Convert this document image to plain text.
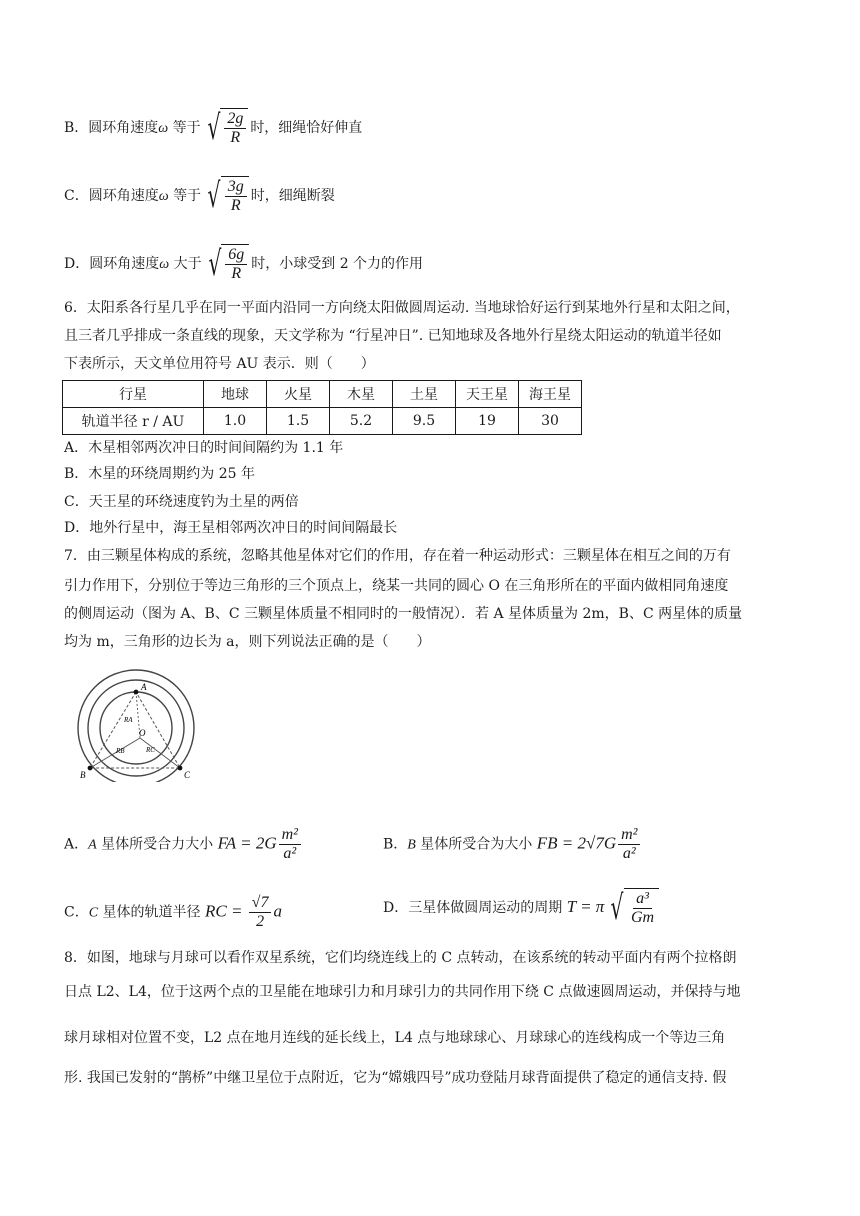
B．圆环角速度ω 等于 √ $\frac{2g}{R}$ 时，细绳恰好伸直
C．圆环角速度ω 等于 √ $\frac{3g}{R}$ 时，细绳断裂
D．圆环角速度ω 大于 √ $\frac{6g}{R}$ 时，小球受到 2 个力的作用
6．太阳系各行星几乎在同一平面内沿同一方向绕太阳做圆周运动. 当地球恰好运行到某地外行星和太阳之间，
且三者几乎排成一条直线的现象，天文学称为 “行星冲日”. 已知地球及各地外行星绕太阳运动的轨道半径如
下表所示，天文单位用符号 AU 表示．则（　　）
行星	地球	火星	木星	土星	天王星	海王星
轨道半径 r / AU	1.0	1.5	5.2	9.5	19	30
A．木星相邻两次冲日的时间间隔约为 1.1 年
B．木星的环绕周期约为 25 年
C．天王星的环绕速度钓为土星的两倍
D．地外行星中，海王星相邻两次冲日的时间间隔最长
7．由三颗星体构成的系统，忽略其他星体对它们的作用，存在着一种运动形式：三颗星体在相互之间的万有
引力作用下，分别位于等边三角形的三个顶点上，绕某一共同的圆心 O 在三角形所在的平面内做相同角速度
的侧周运动（图为 A、B、C 三颗星体质量不相同时的一般情况）．若 A 星体质量为 2m，B、C 两星体的质量
均为 m，三角形的边长为 a，则下列说法正确的是（　　）
A
B	C
O
RA
RB	RC
A．A 星体所受合力大小 FA = $2G \frac{\text{m²}}{\text{a²}}$	B．B 星体所受合为大小 FB = $2√7G \frac{\text{m²}}{\text{a²}}$
C．C 星体的轨道半径 RC = $\frac{√7}{2}$ a	D．三星体做圆周运动的周期 T = π √ $\frac{\text{a³}}{Gm}$
8．如图，地球与月球可以看作双星系统，它们均绕连线上的 C 点转动，在该系统的转动平面内有两个拉格朗
日点 L2、L4，位于这两个点的卫星能在地球引力和月球引力的共同作用下绕 C 点做速圆周运动，并保持与地
球月球相对位置不变，L2 点在地月连线的延长线上，L4 点与地球球心、月球球心的连线构成一个等边三角
形. 我国已发射的“鹊桥”中继卫星位于点附近，它为“嫦娥四号”成功登陆月球背面提供了稳定的通信支持. 假
